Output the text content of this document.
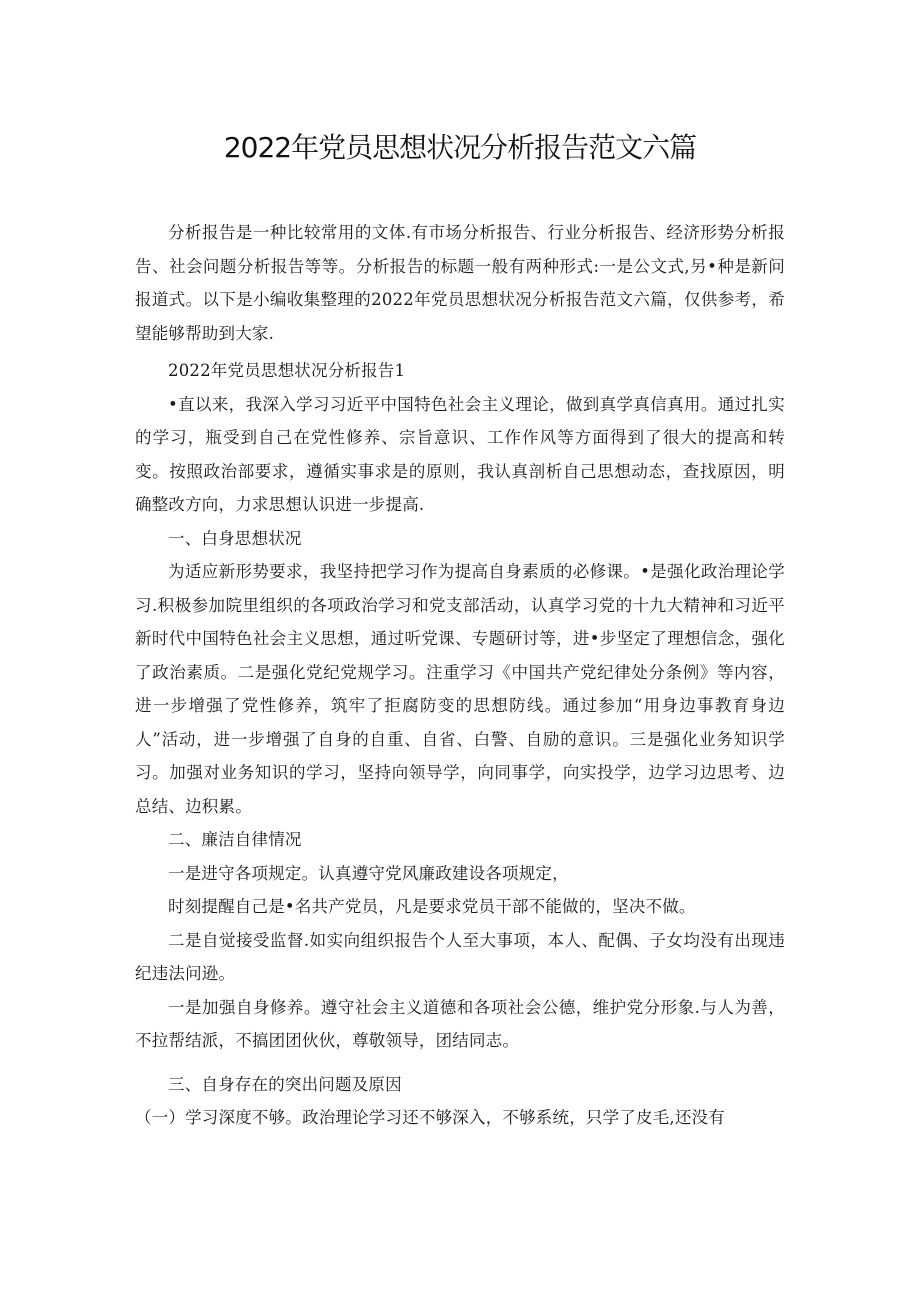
2022年党员思想状况分析报告范文六篇

分析报告是一种比较常用的文体.有市场分析报告、行业分析报告、经济形势分析报告、社会问题分析报告等等。分析报告的标题一般有两种形式:一是公文式,另•种是新问报道式。以下是小编收集整理的2022年党员思想状况分析报告范文六篇，仅供参考，希望能够帮助到大家.

2022年党员思想状况分析报告1

•直以来，我深入学习习近平中国特色社会主义理论，做到真学真信真用。通过扎实的学习，瓶受到自己在党性修养、宗旨意识、工作作风等方面得到了很大的提高和转变。按照政治部要求，遵循实事求是的原则，我认真剖析自己思想动态，查找原因，明确整改方向，力求思想认识进一步提高.

一、白身思想状况

为适应新形势要求，我坚持把学习作为提高自身素质的必修课。•是强化政治理论学习.积极参加院里组织的各项政治学习和党支部活动，认真学习党的十九大精神和习近平新时代中国特色社会主义思想，通过听党课、专题研讨等，进•步坚定了理想信念，强化了政治素质。二是强化党纪党规学习。注重学习《中国共产党纪律处分条例》等内容，进一步增强了党性修养，筑牢了拒腐防变的思想防线。通过参加“用身边事教育身边人”活动，进一步增强了自身的自重、自省、白警、自励的意识。三是强化业务知识学习。加强对业务知识的学习，坚持向领导学，向同事学，向实投学，边学习边思考、边总结、边积累。

二、廉洁自律情况

一是进守各项规定。认真遵守党风廉政建设各项规定，

时刻提醒自己是•名共产党员，凡是要求党员干部不能做的，坚决不做。

二是自觉接受监督.如实向组织报告个人至大事项，本人、配偶、子女均没有出现违纪违法问逊。

一是加强自身修养。遵守社会主义道德和各项社会公德，维护党分形象.与人为善，不拉帮结派，不搞团团伙伙，尊敬领导，团结同志。

三、自身存在的突出问题及原因

（一）学习深度不够。政治理论学习还不够深入，不够系统，只学了皮毛,还没有
